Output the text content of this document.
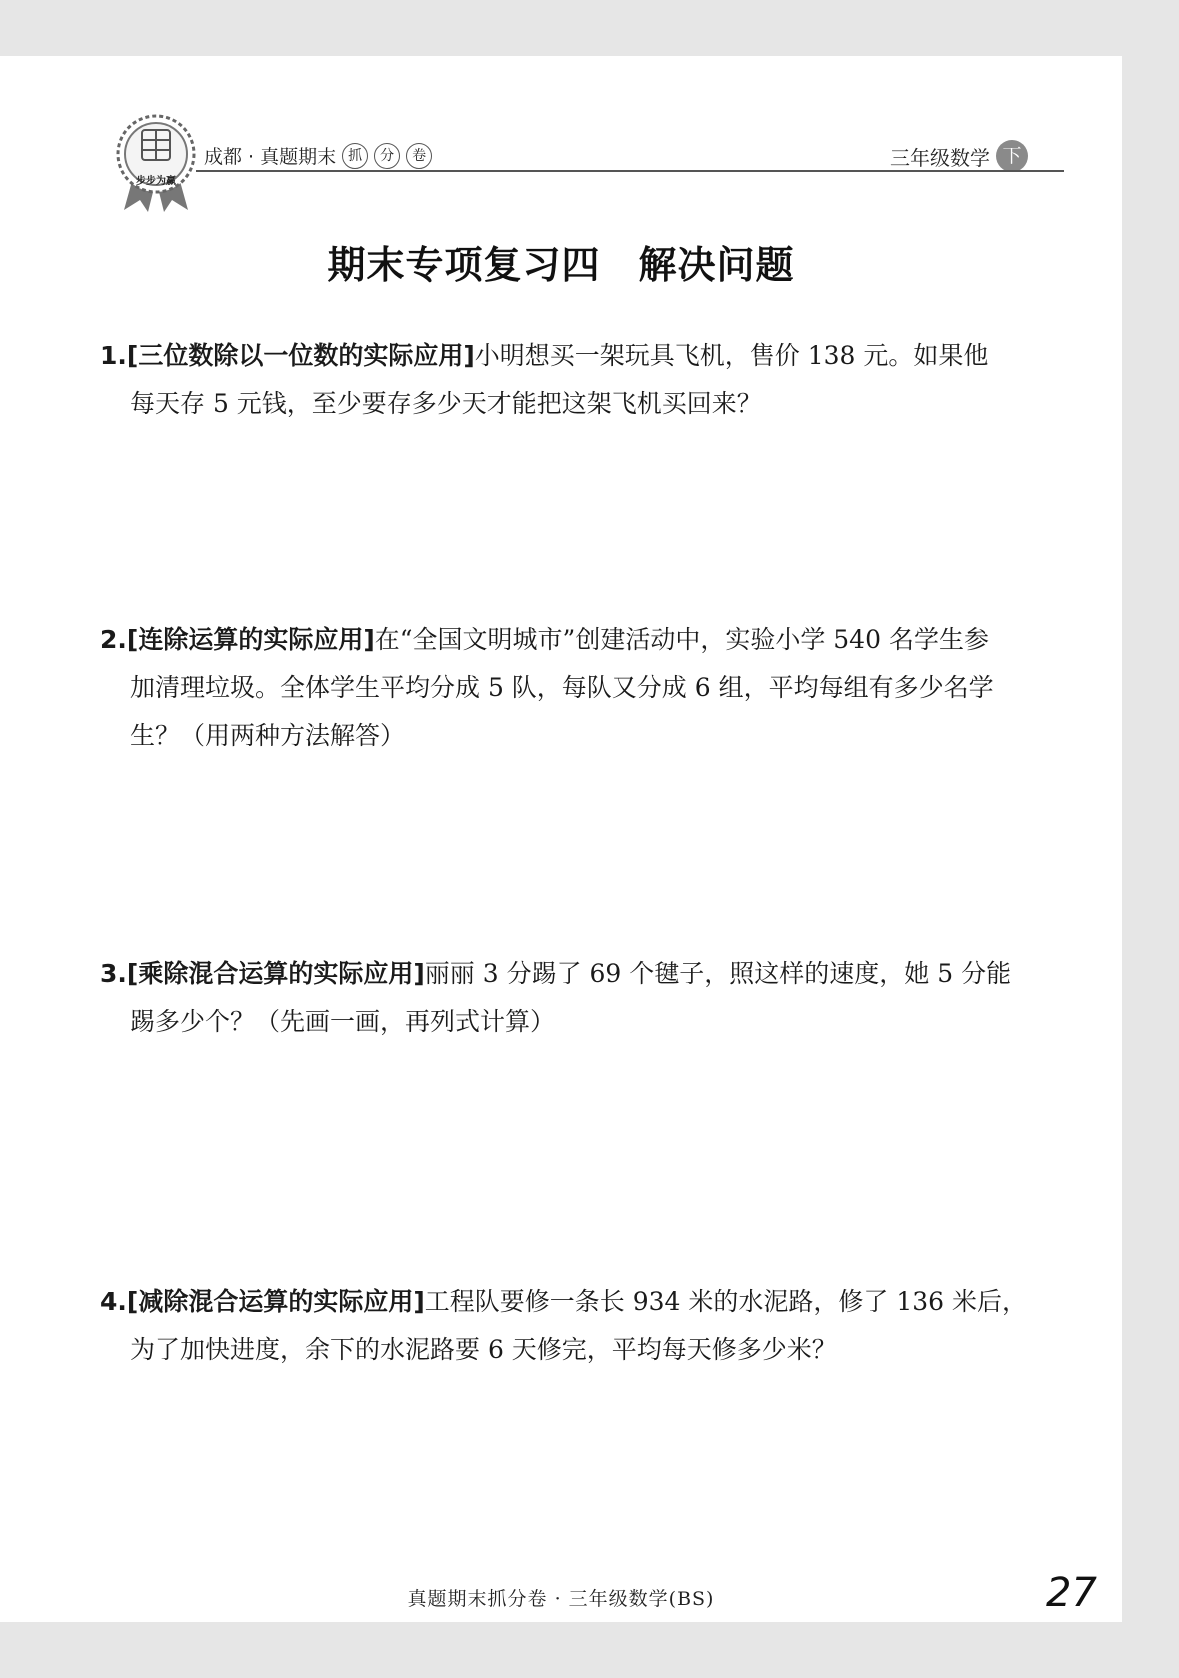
步步为赢
成都 · 真题期末 抓	分	卷	三年级数学 下
期末专项复习四 解决问题
1.[三位数除以一位数的实际应用]小明想买一架玩具飞机，售价 138 元。如果他
每天存 5 元钱，至少要存多少天才能把这架飞机买回来？
2.[连除运算的实际应用]在“全国文明城市”创建活动中，实验小学 540 名学生参
加清理垃圾。全体学生平均分成 5 队，每队又分成 6 组，平均每组有多少名学
生？（用两种方法解答）
3.[乘除混合运算的实际应用]丽丽 3 分踢了 69 个毽子，照这样的速度，她 5 分能
踢多少个？（先画一画，再列式计算）
4.[减除混合运算的实际应用]工程队要修一条长 934 米的水泥路，修了 136 米后，
为了加快进度，余下的水泥路要 6 天修完，平均每天修多少米？
真题期末抓分卷 · 三年级数学(BS)	27
